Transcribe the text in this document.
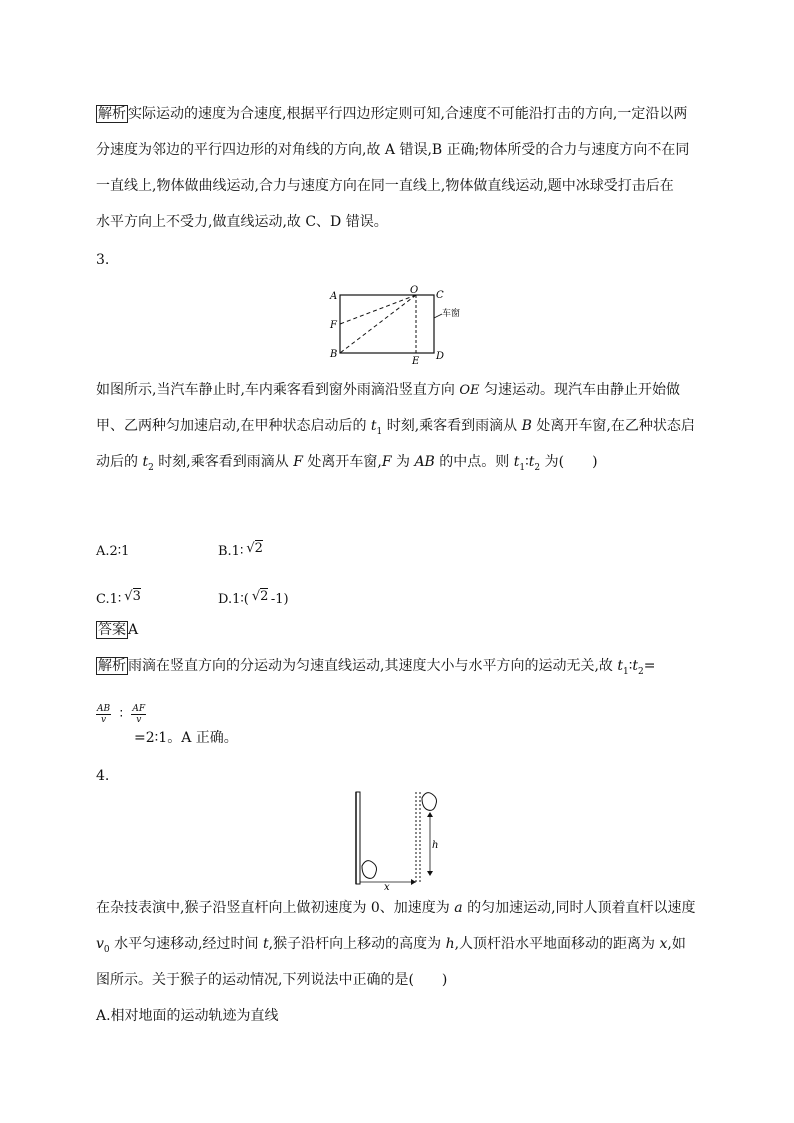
解析 实际运动的速度为合速度,根据平行四边形定则可知,合速度不可能沿打击的方向,一定沿以两
分速度为邻边的平行四边形的对角线的方向,故 A 错误,B 正确;物体所受的合力与速度方向不在同
一直线上,物体做曲线运动,合力与速度方向在同一直线上,物体做直线运动,题中冰球受打击后在
水平方向上不受力,做直线运动,故 C、D 错误。
3.
A
O C
F
B
E D
车窗
如图所示,当汽车静止时,车内乘客看到窗外雨滴沿竖直方向 OE 匀速运动。现汽车由静止开始做
甲、乙两种匀加速启动,在甲种状态启动后的 $t_1$ 时刻,乘客看到雨滴从 B 处离开车窗,在乙种状态启
动后的 $t_2$ 时刻,乘客看到雨滴从 F 处离开车窗,F 为 AB 的中点。则 $t_1∶t_2$ 为(　　)
A.2∶1	B.1∶ √2
C.1∶ √3	D.1∶( √2 -1)
答案 A
解析 雨滴在竖直方向的分运动为匀速直线运动,其速度大小与水平方向的运动无关,故 $t_1∶t_2=$
$\frac{AB}{v}$ ∶ $\frac{AF}{v}$
=2∶1。A 正确。
4.
x
h
在杂技表演中,猴子沿竖直杆向上做初速度为 0、加速度为 a 的匀加速运动,同时人顶着直杆以速度
$v_0$ 水平匀速移动,经过时间 t,猴子沿杆向上移动的高度为 h,人顶杆沿水平地面移动的距离为 x,如
图所示。关于猴子的运动情况,下列说法中正确的是(　　)
A.相对地面的运动轨迹为直线
